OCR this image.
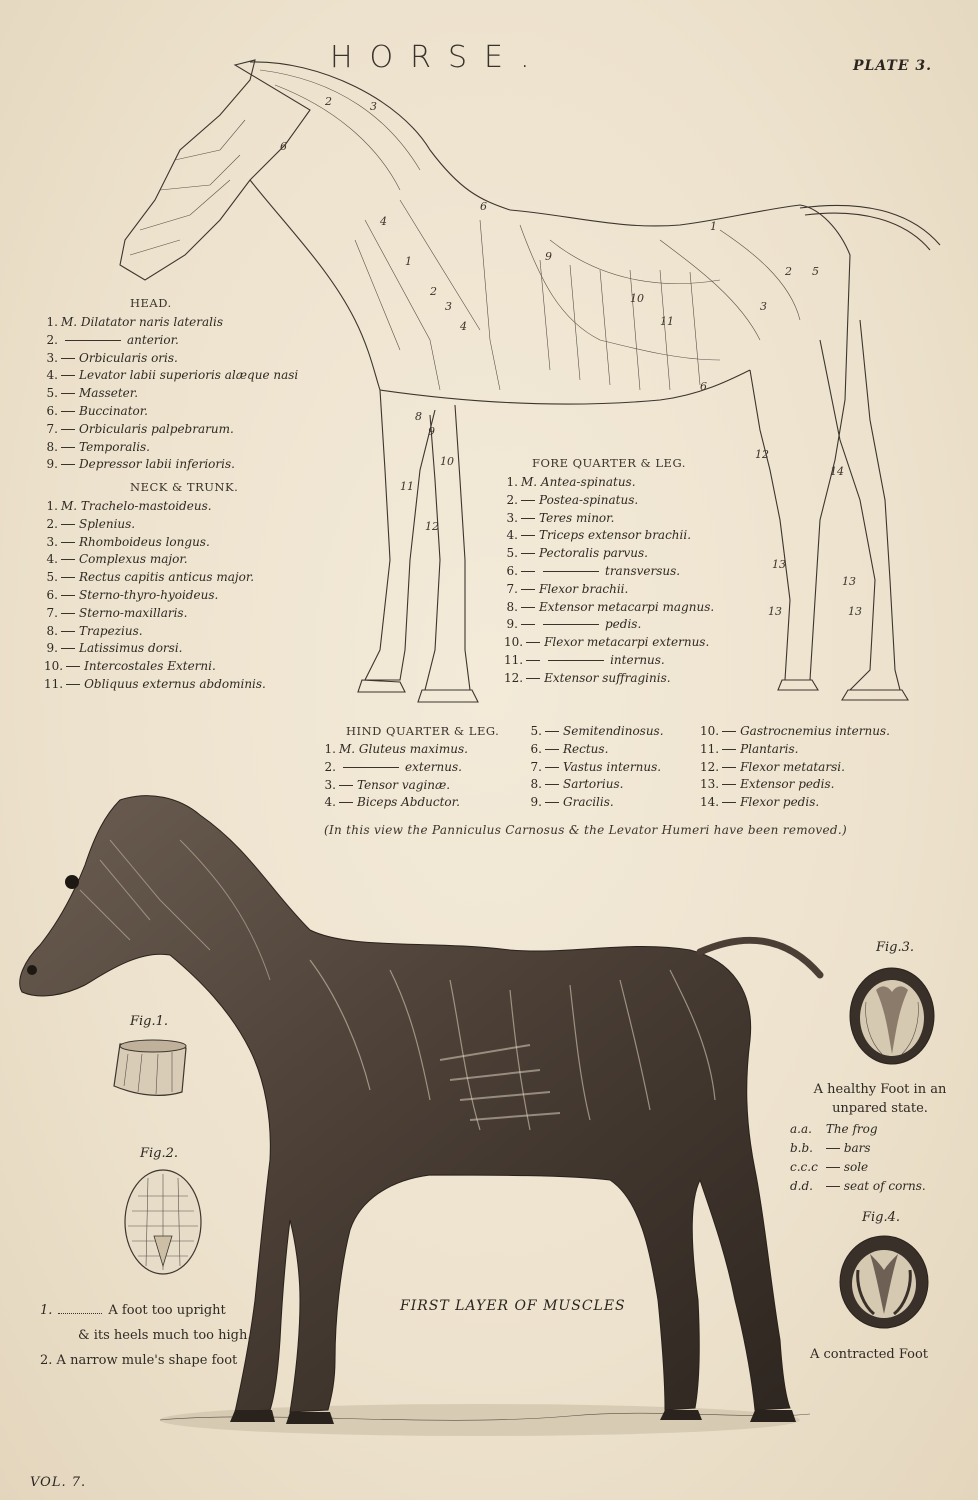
HORSE.	PLATE 3.
VOL. 7.
2	3
6
4
6
1
2
3
4
9
10
11
1
3
2 5
8
9
10
11
12
6
12
14
13
13
13	13
HEAD.
1. M. Dilatator naris lateralis
2.	anterior.
3. Orbicularis oris.
4. Levator labii superioris alæque nasi
5. Masseter.
6. Buccinator.
7. Orbicularis palpebrarum.
8. Temporalis.
9. Depressor labii inferioris.
NECK & TRUNK.
1. M. Trachelo-mastoideus.
2. Splenius.
3. Rhomboideus longus.
4. Complexus major.
5. Rectus capitis anticus major.
6. Sterno-thyro-hyoideus.
7. Sterno-maxillaris.
8. Trapezius.
9. Latissimus dorsi.
10. Intercostales Externi.
11. Obliquus externus abdominis.
FORE QUARTER & LEG.
1. M. Antea-spinatus.
2. Postea-spinatus.
3. Teres minor.
4. Triceps extensor brachii.
5. Pectoralis parvus.
6.	transversus.
7. Flexor brachii.
8. Extensor metacarpi magnus.
9.	pedis.
10. Flexor metacarpi externus.
11.	internus.
12. Extensor suffraginis.
HIND QUARTER & LEG.
1. M. Gluteus maximus.
2.	externus.
3. Tensor vaginæ.
4. Biceps Abductor.
5. Semitendinosus.
6. Rectus.
7. Vastus internus.
8. Sartorius.
9. Gracilis.
10. Gastrocnemius internus.
11. Plantaris.
12. Flexor metatarsi.
13. Extensor pedis.
14. Flexor pedis.
(In this view the Panniculus Carnosus & the Levator Humeri have been removed.)
Fig.1.
Fig.2.
1.	A foot too upright
& its heels much too high.
2. A narrow mule's shape foot
FIRST LAYER OF MUSCLES
Fig.3.
A healthy Foot in an
unpared state.
a.a. The frog
b.b.	bars
c.c.c sole
d.d.	seat of corns.
Fig.4.
A contracted Foot
